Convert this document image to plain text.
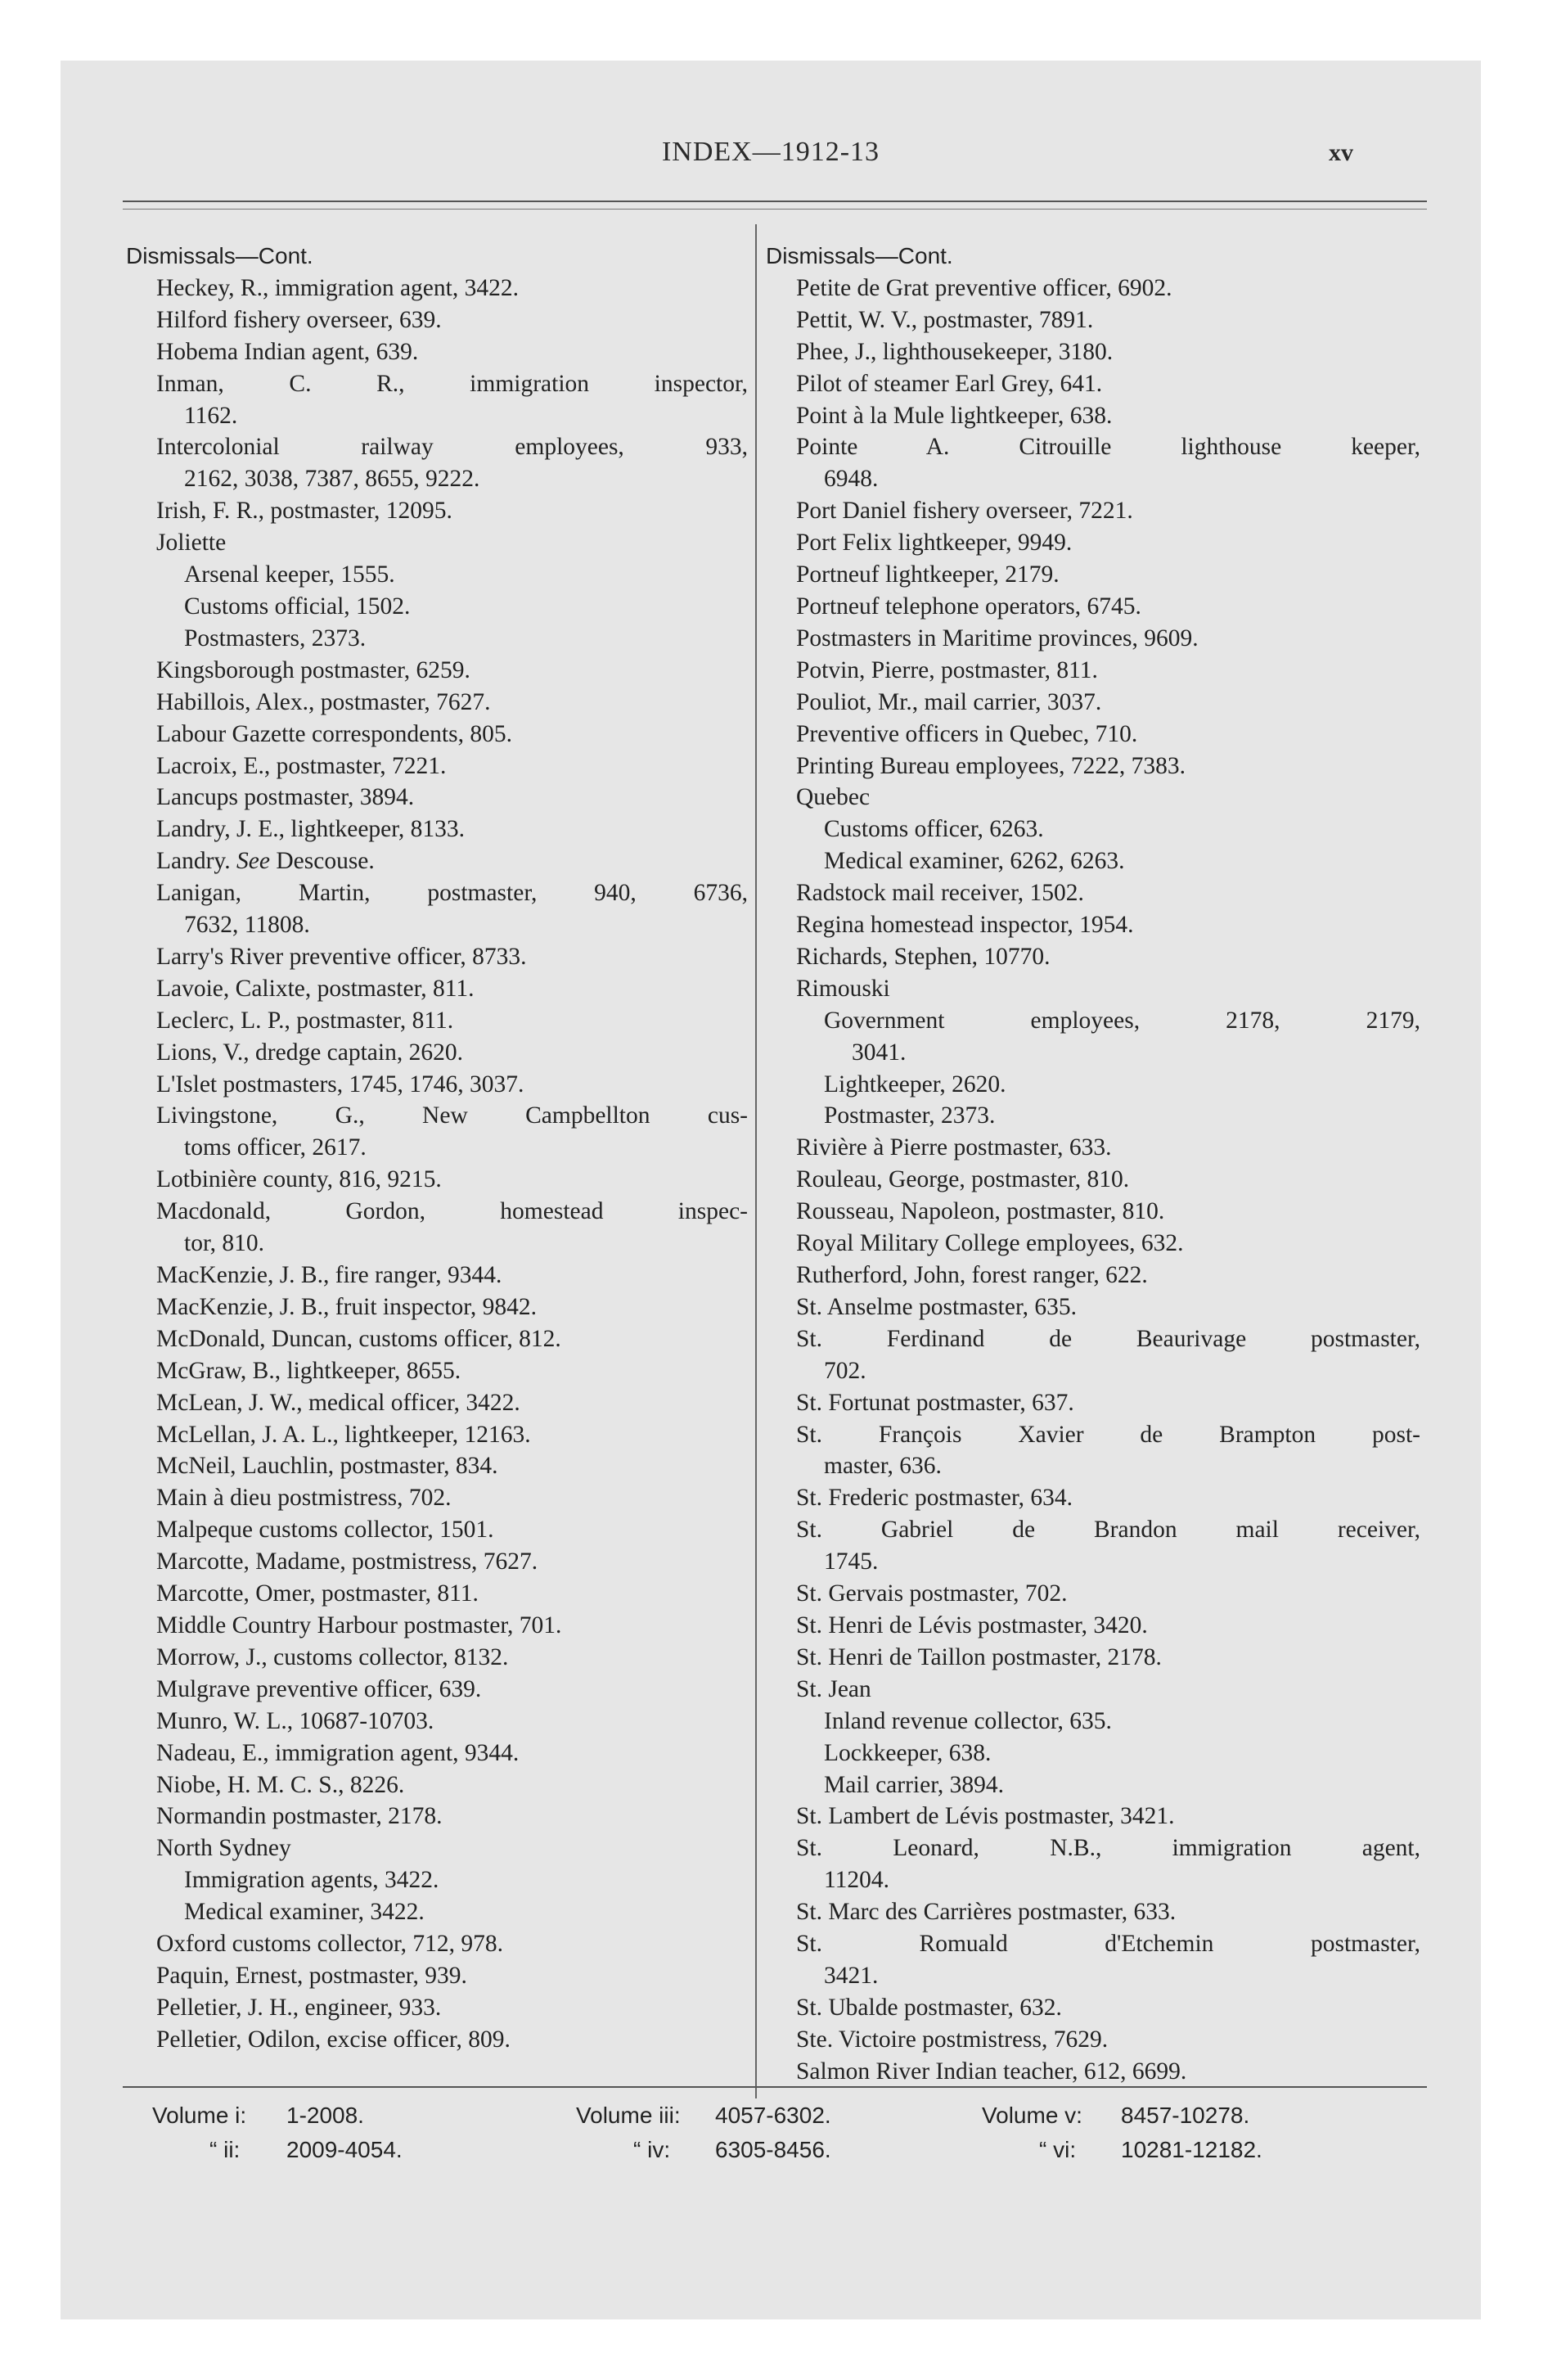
INDEX—1912-13	xv
Dismissals—Cont.
Heckey, R., immigration agent, 3422.
Hilford fishery overseer, 639.
Hobema Indian agent, 639.
Inman, C. R., immigration inspector,
1162.
Intercolonial railway employees, 933,
2162, 3038, 7387, 8655, 9222.
Irish, F. R., postmaster, 12095.
Joliette
Arsenal keeper, 1555.
Customs official, 1502.
Postmasters, 2373.
Kingsborough postmaster, 6259.
Habillois, Alex., postmaster, 7627.
Labour Gazette correspondents, 805.
Lacroix, E., postmaster, 7221.
Lancups postmaster, 3894.
Landry, J. E., lightkeeper, 8133.
Landry. See Descouse.
Lanigan, Martin, postmaster, 940, 6736,
7632, 11808.
Larry's River preventive officer, 8733.
Lavoie, Calixte, postmaster, 811.
Leclerc, L. P., postmaster, 811.
Lions, V., dredge captain, 2620.
L'Islet postmasters, 1745, 1746, 3037.
Livingstone, G., New Campbellton cus-
toms officer, 2617.
Lotbinière county, 816, 9215.
Macdonald, Gordon, homestead inspec-
tor, 810.
MacKenzie, J. B., fire ranger, 9344.
MacKenzie, J. B., fruit inspector, 9842.
McDonald, Duncan, customs officer, 812.
McGraw, B., lightkeeper, 8655.
McLean, J. W., medical officer, 3422.
McLellan, J. A. L., lightkeeper, 12163.
McNeil, Lauchlin, postmaster, 834.
Main à dieu postmistress, 702.
Malpeque customs collector, 1501.
Marcotte, Madame, postmistress, 7627.
Marcotte, Omer, postmaster, 811.
Middle Country Harbour postmaster, 701.
Morrow, J., customs collector, 8132.
Mulgrave preventive officer, 639.
Munro, W. L., 10687-10703.
Nadeau, E., immigration agent, 9344.
Niobe, H. M. C. S., 8226.
Normandin postmaster, 2178.
North Sydney
Immigration agents, 3422.
Medical examiner, 3422.
Oxford customs collector, 712, 978.
Paquin, Ernest, postmaster, 939.
Pelletier, J. H., engineer, 933.
Pelletier, Odilon, excise officer, 809.
Dismissals—Cont.
Petite de Grat preventive officer, 6902.
Pettit, W. V., postmaster, 7891.
Phee, J., lighthousekeeper, 3180.
Pilot of steamer Earl Grey, 641.
Point à la Mule lightkeeper, 638.
Pointe A. Citrouille lighthouse keeper,
6948.
Port Daniel fishery overseer, 7221.
Port Felix lightkeeper, 9949.
Portneuf lightkeeper, 2179.
Portneuf telephone operators, 6745.
Postmasters in Maritime provinces, 9609.
Potvin, Pierre, postmaster, 811.
Pouliot, Mr., mail carrier, 3037.
Preventive officers in Quebec, 710.
Printing Bureau employees, 7222, 7383.
Quebec
Customs officer, 6263.
Medical examiner, 6262, 6263.
Radstock mail receiver, 1502.
Regina homestead inspector, 1954.
Richards, Stephen, 10770.
Rimouski
Government employees, 2178, 2179,
3041.
Lightkeeper, 2620.
Postmaster, 2373.
Rivière à Pierre postmaster, 633.
Rouleau, George, postmaster, 810.
Rousseau, Napoleon, postmaster, 810.
Royal Military College employees, 632.
Rutherford, John, forest ranger, 622.
St. Anselme postmaster, 635.
St. Ferdinand de Beaurivage postmaster,
702.
St. Fortunat postmaster, 637.
St. François Xavier de Brampton post-
master, 636.
St. Frederic postmaster, 634.
St. Gabriel de Brandon mail receiver,
1745.
St. Gervais postmaster, 702.
St. Henri de Lévis postmaster, 3420.
St. Henri de Taillon postmaster, 2178.
St. Jean
Inland revenue collector, 635.
Lockkeeper, 638.
Mail carrier, 3894.
St. Lambert de Lévis postmaster, 3421.
St. Leonard, N.B., immigration agent,
11204.
St. Marc des Carrières postmaster, 633.
St. Romuald d'Etchemin postmaster,
3421.
St. Ubalde postmaster, 632.
Ste. Victoire postmistress, 7629.
Salmon River Indian teacher, 612, 6699.
Volume i: 1-2008.	Volume iii: 4057-6302.	Volume v: 8457-10278.
“ ii: 2009-4054.	“ iv: 6305-8456.	“ vi: 10281-12182.
